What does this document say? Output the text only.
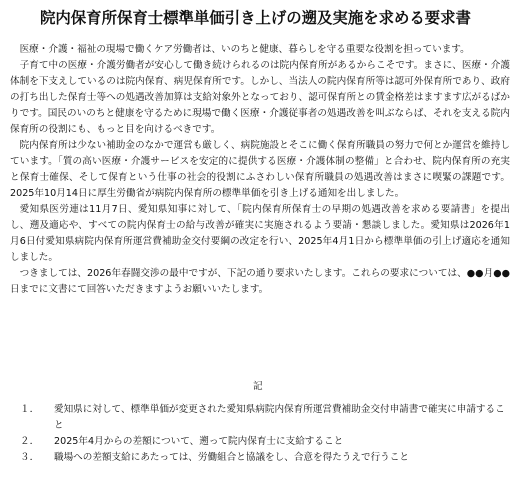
院内保育所保育士標準単価引き上げの遡及実施を求める要求書

医療・介護・福祉の現場で働くケア労働者は、いのちと健康、暮らしを守る重要な役割を担っています。

子育て中の医療・介護労働者が安心して働き続けられるのは院内保育所があるからこそです。まさに、医療・介護体制を下支えしているのは院内保育、病児保育所です。しかし、当法人の院内保育所等は認可外保育所であり、政府の打ち出した保育士等への処遇改善加算は支給対象外となっており、認可保育所との賃金格差はますます広がるばかりです。国民のいのちと健康を守るために現場で働く医療・介護従事者の処遇改善を叫ぶならば、それを支える院内保育所の役割にも、もっと目を向けるべきです。

院内保育所は少ない補助金のなかで運営も厳しく、病院施設とそこに働く保育所職員の努力で何とか運営を維持しています。「質の高い医療・介護サービスを安定的に提供する医療・介護体制の整備」と合わせ、院内保育所の充実と保育士確保、そして保育という仕事の社会的役割にふさわしい保育所職員の処遇改善はまさに喫緊の課題です。2025年10月14日に厚生労働省が病院内保育所の標準単価を引き上げる通知を出しました。

愛知県医労連は11月7日、愛知県知事に対して、「院内保育所保育士の早期の処遇改善を求める要請書」を提出し、遡及適応や、すべての院内保育士の給与改善が確実に実施されるよう要請・懇談しました。愛知県は2026年1月6日付愛知県病院内保育所運営費補助金交付要綱の改定を行い、2025年4月1日から標準単価の引上げ適応を通知しました。

つきましては、2026年春闘交渉の最中ですが、下記の通り要求いたします。これらの要求については、●●月●●日までに文書にて回答いただきますようお願いいたします。

記
１．	愛知県に対して、標準単価が変更された愛知県病院内保育所運営費補助金交付申請書で確実に申請すること
２．	2025年4月からの差額について、遡って院内保育士に支給すること
３．	職場への差額支給にあたっては、労働組合と協議をし、合意を得たうえで行うこと
